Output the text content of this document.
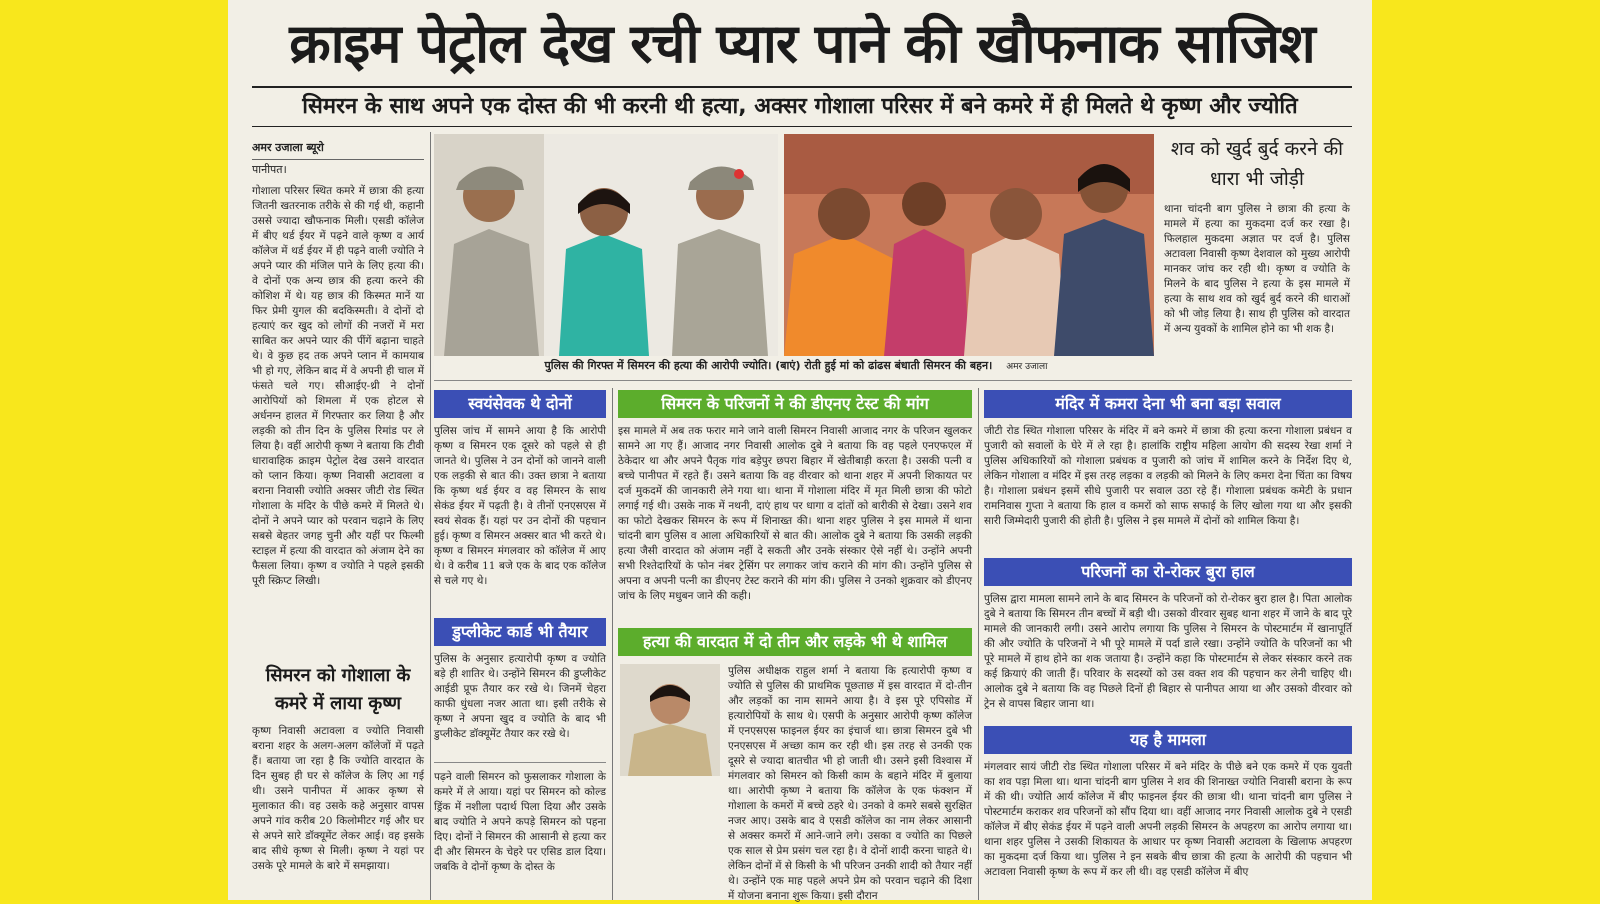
क्राइम पेट्रोल देख रची प्यार पाने की खौफनाक साजिश
सिमरन के साथ अपने एक दोस्त की भी करनी थी हत्या, अक्सर गोशाला परिसर में बने कमरे में ही मिलते थे कृष्ण और ज्योति
अमर उजाला ब्यूरो
पानीपत।
गोशाला परिसर स्थित कमरे में छात्रा की हत्या जितनी खतरनाक तरीके से की गई थी, कहानी उससे ज्यादा खौफनाक मिली। एसडी कॉलेज में बीए थर्ड ईयर में पढ़ने वाले कृष्ण व आर्य कॉलेज में थर्ड ईयर में ही पढ़ने वाली ज्योति ने अपने प्यार की मंजिल पाने के लिए हत्या की। वे दोनों एक अन्य छात्र की हत्या करने की कोशिश में थे। यह छात्र की किस्मत मानें या फिर प्रेमी युगल की बदकिस्मती। वे दोनों दो हत्याएं कर खुद को लोगों की नजरों में मरा साबित कर अपने प्यार की पींगें बढ़ाना चाहते थे। वे कुछ हद तक अपने प्लान में कामयाब भी हो गए, लेकिन बाद में वे अपनी ही चाल में फंसते चले गए। सीआईए-थ्री ने दोनों आरोपियों को शिमला में एक होटल से अर्धनग्न हालत में गिरफ्तार कर लिया है और लड़की को तीन दिन के पुलिस रिमांड पर ले लिया है। वहीं आरोपी कृष्ण ने बताया कि टीवी धारावाहिक क्राइम पेट्रोल देख उसने वारदात को प्लान किया। कृष्ण निवासी अटावला व बराना निवासी ज्योति अक्सर जीटी रोड स्थित गोशाला के मंदिर के पीछे कमरे में मिलते थे। दोनों ने अपने प्यार को परवान चढ़ाने के लिए सबसे बेहतर जगह चुनी और यहीं पर फिल्मी स्टाइल में हत्या की वारदात को अंजाम देने का फैसला लिया। कृष्ण व ज्योति ने पहले इसकी पूरी स्क्रिप्ट लिखी।
सिमरन को गोशाला के कमरे में लाया कृष्ण
कृष्ण निवासी अटावला व ज्योति निवासी बराना शहर के अलग-अलग कॉलेजों में पढ़ते हैं। बताया जा रहा है कि ज्योति वारदात के दिन सुबह ही घर से कॉलेज के लिए आ गई थी। उसने पानीपत में आकर कृष्ण से मुलाकात की। वह उसके कहे अनुसार वापस अपने गांव करीब 20 किलोमीटर गई और घर से अपने सारे डॉक्यूमेंट लेकर आई। वह इसके बाद सीधे कृष्ण से मिली। कृष्ण ने यहां पर उसके पूरे मामले के बारे में समझाया।
पुलिस की गिरफ्त में सिमरन की हत्या की आरोपी ज्योति। (बाएं) रोती हुई मां को ढांढस बंधाती सिमरन की बहन। अमर उजाला
शव को खुर्द बुर्द करने की धारा भी जोड़ी
थाना चांदनी बाग पुलिस ने छात्रा की हत्या के मामले में हत्या का मुकदमा दर्ज कर रखा है। फिलहाल मुकदमा अज्ञात पर दर्ज है। पुलिस अटावला निवासी कृष्ण देशवाल को मुख्य आरोपी मानकर जांच कर रही थी। कृष्ण व ज्योति के मिलने के बाद पुलिस ने हत्या के इस मामले में हत्या के साथ शव को खुर्द बुर्द करने की धाराओं को भी जोड़ लिया है। साथ ही पुलिस को वारदात में अन्य युवकों के शामिल होने का भी शक है।
स्वयंसेवक थे दोनों
पुलिस जांच में सामने आया है कि आरोपी कृष्ण व सिमरन एक दूसरे को पहले से ही जानते थे। पुलिस ने उन दोनों को जानने वाली एक लड़की से बात की। उक्त छात्रा ने बताया कि कृष्ण थर्ड ईयर व वह सिमरन के साथ सेकंड ईयर में पढ़ती है। वे तीनों एनएसएस में स्वयं सेवक हैं। यहां पर उन दोनों की पहचान हुई। कृष्ण व सिमरन अक्सर बात भी करते थे। कृष्ण व सिमरन मंगलवार को कॉलेज में आए थे। वे करीब 11 बजे एक के बाद एक कॉलेज से चले गए थे।
डुप्लीकेट कार्ड भी तैयार
पुलिस के अनुसार हत्यारोपी कृष्ण व ज्योति बड़े ही शातिर थे। उन्होंने सिमरन की डुप्लीकेट आईडी प्रूफ तैयार कर रखे थे। जिनमें चेहरा काफी धुंधला नजर आता था। इसी तरीके से कृष्ण ने अपना खुद व ज्योति के बाद भी डुप्लीकेट डॉक्यूमेंट तैयार कर रखे थे।
पढ़ने वाली सिमरन को फुसलाकर गोशाला के कमरे में ले आया। यहां पर सिमरन को कोल्ड ड्रिंक में नशीला पदार्थ पिला दिया और उसके बाद ज्योति ने अपने कपड़े सिमरन को पहना दिए। दोनों ने सिमरन की आसानी से हत्या कर दी और सिमरन के चेहरे पर एसिड डाल दिया। जबकि वे दोनों कृष्ण के दोस्त के
सिमरन के परिजनों ने की डीएनए टेस्ट की मांग
इस मामले में अब तक फरार माने जाने वाली सिमरन निवासी आजाद नगर के परिजन खुलकर सामने आ गए हैं। आजाद नगर निवासी आलोक दुबे ने बताया कि वह पहले एनएफएल में ठेकेदार था और अपने पैतृक गांव बड़ेपुर छपरा बिहार में खेतीबाड़ी करता है। उसकी पत्नी व बच्चे पानीपत में रहते हैं। उसने बताया कि वह वीरवार को थाना शहर में अपनी शिकायत पर दर्ज मुकदमें की जानकारी लेने गया था। थाना में गोशाला मंदिर में मृत मिली छात्रा की फोटो लगाई गई थी। उसके नाक में नथनी, दाएं हाथ पर धागा व दांतों को बारीकी से देखा। उसने शव का फोटो देखकर सिमरन के रूप में शिनाख्त की। थाना शहर पुलिस ने इस मामले में थाना चांदनी बाग पुलिस व आला अधिकारियों से बात की। आलोक दुबे ने बताया कि उसकी लड़की हत्या जैसी वारदात को अंजाम नहीं दे सकती और उनके संस्कार ऐसे नहीं थे। उन्होंने अपनी सभी रिश्तेदारियों के फोन नंबर ट्रेसिंग पर लगाकर जांच कराने की मांग की। उन्होंने पुलिस से अपना व अपनी पत्नी का डीएनए टेस्ट कराने की मांग की। पुलिस ने उनको शुक्रवार को डीएनए जांच के लिए मधुबन जाने की कही।
हत्या की वारदात में दो तीन और लड़के भी थे शामिल
पुलिस अधीक्षक राहुल शर्मा ने बताया कि हत्यारोपी कृष्ण व ज्योति से पुलिस की प्राथमिक पूछताछ में इस वारदात में दो-तीन और लड़कों का नाम सामने आया है। वे इस पूरे एपिसोड में हत्यारोपियों के साथ थे। एसपी के अनुसार आरोपी कृष्ण कॉलेज में एनएसएस फाइनल ईयर का इंचार्ज था। छात्रा सिमरन दुबे भी एनएसएस में अच्छा काम कर रही थी। इस तरह से उनकी एक दूसरे से ज्यादा बातचीत भी हो जाती थी। उसने इसी विश्वास में मंगलवार को सिमरन को किसी काम के बहाने मंदिर में बुलाया था। आरोपी कृष्ण ने बताया कि कॉलेज के एक फंक्शन में गोशाला के कमरों में बच्चे ठहरे थे। उनको वे कमरे सबसे सुरक्षित नजर आए। उसके बाद वे एसडी कॉलेज का नाम लेकर आसानी से अक्सर कमरों में आने-जाने लगे। उसका व ज्योति का पिछले एक साल से प्रेम प्रसंग चल रहा है। वे दोनों शादी करना चाहते थे। लेकिन दोनों में से किसी के भी परिजन उनकी शादी को तैयार नहीं थे। उन्होंने एक माह पहले अपने प्रेम को परवान चढ़ाने की दिशा में योजना बनाना शुरू किया। इसी दौरान
मंदिर में कमरा देना भी बना बड़ा सवाल
जीटी रोड स्थित गोशाला परिसर के मंदिर में बने कमरे में छात्रा की हत्या करना गोशाला प्रबंधन व पुजारी को सवालों के घेरे में ले रहा है। हालांकि राष्ट्रीय महिला आयोग की सदस्य रेखा शर्मा ने पुलिस अधिकारियों को गोशाला प्रबंधक व पुजारी को जांच में शामिल करने के निर्देश दिए थे, लेकिन गोशाला व मंदिर में इस तरह लड़का व लड़की को मिलने के लिए कमरा देना चिंता का विषय है। गोशाला प्रबंधन इसमें सीधे पुजारी पर सवाल उठा रहे हैं। गोशाला प्रबंधक कमेटी के प्रधान रामनिवास गुप्ता ने बताया कि हाल व कमरों को साफ सफाई के लिए खोला गया था और इसकी सारी जिम्मेदारी पुजारी की होती है। पुलिस ने इस मामले में दोनों को शामिल किया है।
परिजनों का रो-रोकर बुरा हाल
पुलिस द्वारा मामला सामने लाने के बाद सिमरन के परिजनों को रो-रोकर बुरा हाल है। पिता आलोक दुबे ने बताया कि सिमरन तीन बच्चों में बड़ी थी। उसको वीरवार सुबह थाना शहर में जाने के बाद पूरे मामले की जानकारी लगी। उसने आरोप लगाया कि पुलिस ने सिमरन के पोस्टमार्टम में खानापूर्ति की और ज्योति के परिजनों ने भी पूरे मामले में पर्दा डाले रखा। उन्होंने ज्योति के परिजनों का भी पूरे मामले में हाथ होने का शक जताया है। उन्होंने कहा कि पोस्टमार्टम से लेकर संस्कार करने तक कई क्रियाएं की जाती हैं। परिवार के सदस्यों को उस वक्त शव की पहचान कर लेनी चाहिए थी। आलोक दुबे ने बताया कि वह पिछले दिनों ही बिहार से पानीपत आया था और उसको वीरवार को ट्रेन से वापस बिहार जाना था।
यह है मामला
मंगलवार सायं जीटी रोड स्थित गोशाला परिसर में बने मंदिर के पीछे बने एक कमरे में एक युवती का शव पड़ा मिला था। थाना चांदनी बाग पुलिस ने शव की शिनाख्त ज्योति निवासी बराना के रूप में की थी। ज्योति आर्य कॉलेज में बीए फाइनल ईयर की छात्रा थी। थाना चांदनी बाग पुलिस ने पोस्टमार्टम कराकर शव परिजनों को सौंप दिया था। वहीं आजाद नगर निवासी आलोक दुबे ने एसडी कॉलेज में बीए सेकंड ईयर में पढ़ने वाली अपनी लड़की सिमरन के अपहरण का आरोप लगाया था। थाना शहर पुलिस ने उसकी शिकायत के आधार पर कृष्ण निवासी अटावला के खिलाफ अपहरण का मुकदमा दर्ज किया था। पुलिस ने इन सबके बीच छात्रा की हत्या के आरोपी की पहचान भी अटावला निवासी कृष्ण के रूप में कर ली थी। वह एसडी कॉलेज में बीए
